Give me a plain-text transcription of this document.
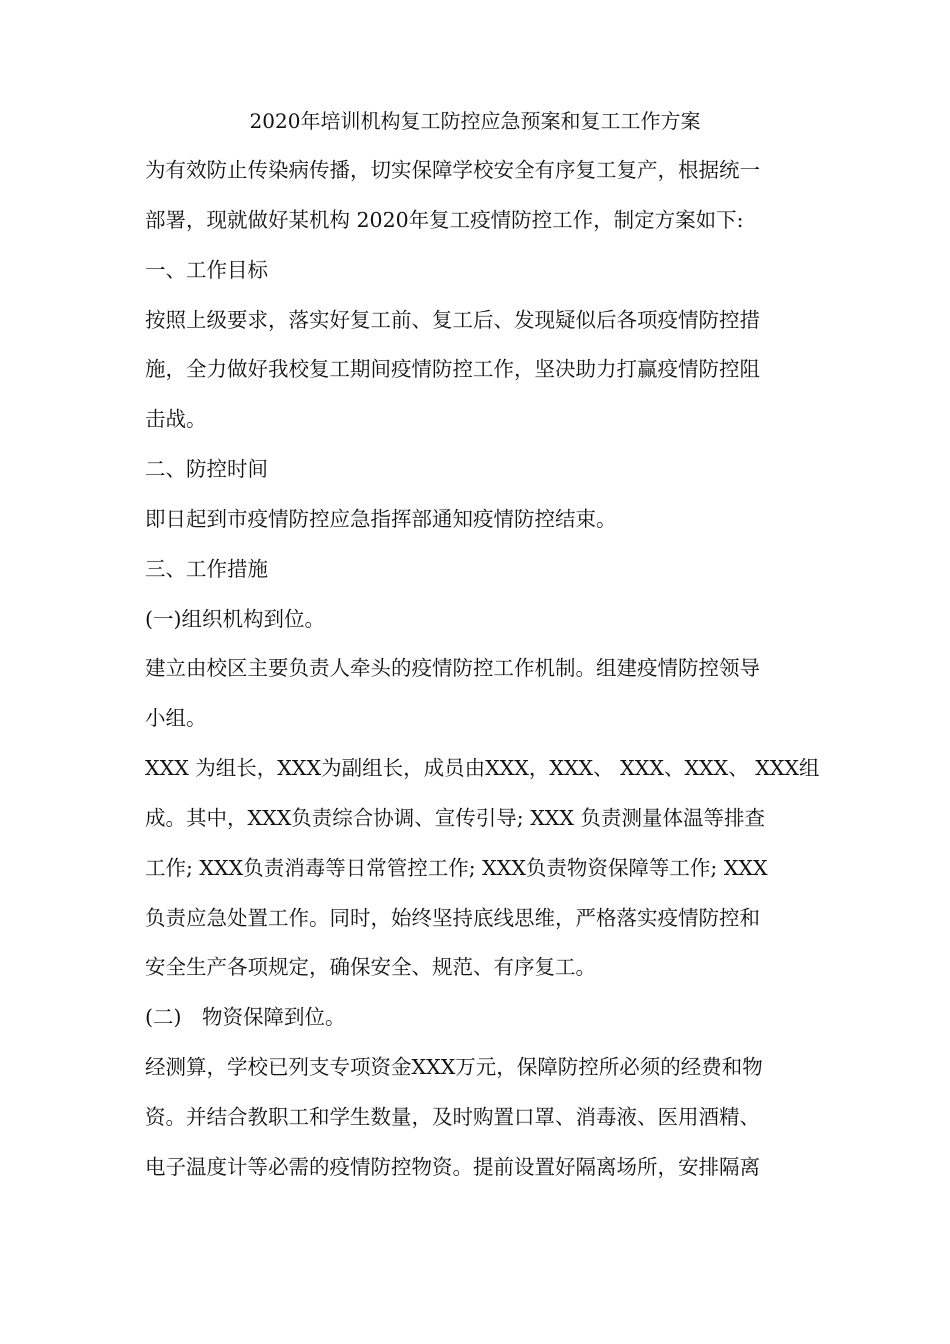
2020年培训机构复工防控应急预案和复工工作方案
为有效防止传染病传播，切实保障学校安全有序复工复产，根据统一
部署，现就做好某机构 2020年复工疫情防控工作，制定方案如下:
一、工作目标
按照上级要求，落实好复工前、复工后、发现疑似后各项疫情防控措
施，全力做好我校复工期间疫情防控工作，坚决助力打赢疫情防控阻
击战。
二、防控时间
即日起到市疫情防控应急指挥部通知疫情防控结束。
三、工作措施
(一)组织机构到位。
建立由校区主要负责人牵头的疫情防控工作机制。组建疫情防控领导
小组。
XXX 为组长，XXX为副组长，成员由XXX，XXX、 XXX、XXX、 XXX组
成。其中，XXX负责综合协调、宣传引导; XXX 负责测量体温等排查
工作; XXX负责消毒等日常管控工作; XXX负责物资保障等工作; XXX
负责应急处置工作。同时，始终坚持底线思维，严格落实疫情防控和
安全生产各项规定，确保安全、规范、有序复工。
(二)　物资保障到位。
经测算，学校已列支专项资金XXX万元，保障防控所必须的经费和物
资。并结合教职工和学生数量，及时购置口罩、消毒液、医用酒精、
电子温度计等必需的疫情防控物资。提前设置好隔离场所，安排隔离
